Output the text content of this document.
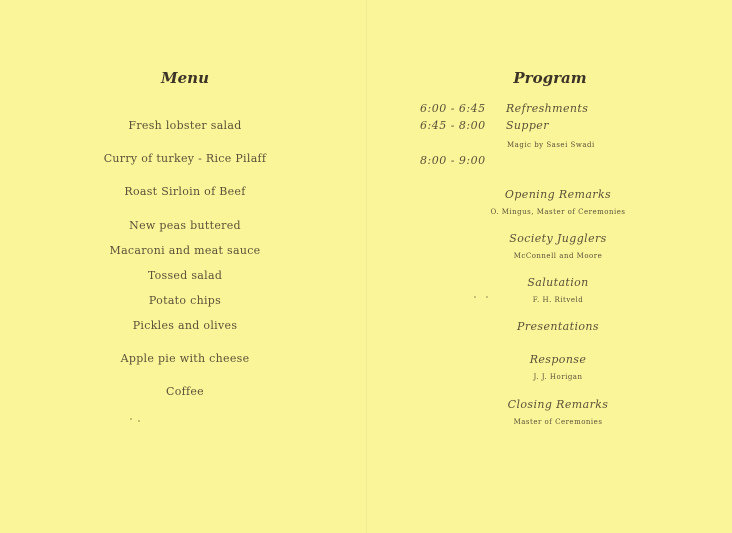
Menu
Fresh lobster salad
Curry of turkey - Rice Pilaff
Roast Sirloin of Beef
New peas buttered
Macaroni and meat sauce
Tossed salad
Potato chips
Pickles and olives
Apple pie with cheese
Coffee
Program
6:00 - 6:45	Refreshments
6:45 - 8:00	Supper
Magic by Sasei Swadi
8:00 - 9:00
Opening Remarks
O. Mingus, Master of Ceremonies
Society Jugglers
McConnell and Moore
Salutation
F. H. Ritveld
Presentations
Response
J. J. Horigan
Closing Remarks
Master of Ceremonies
